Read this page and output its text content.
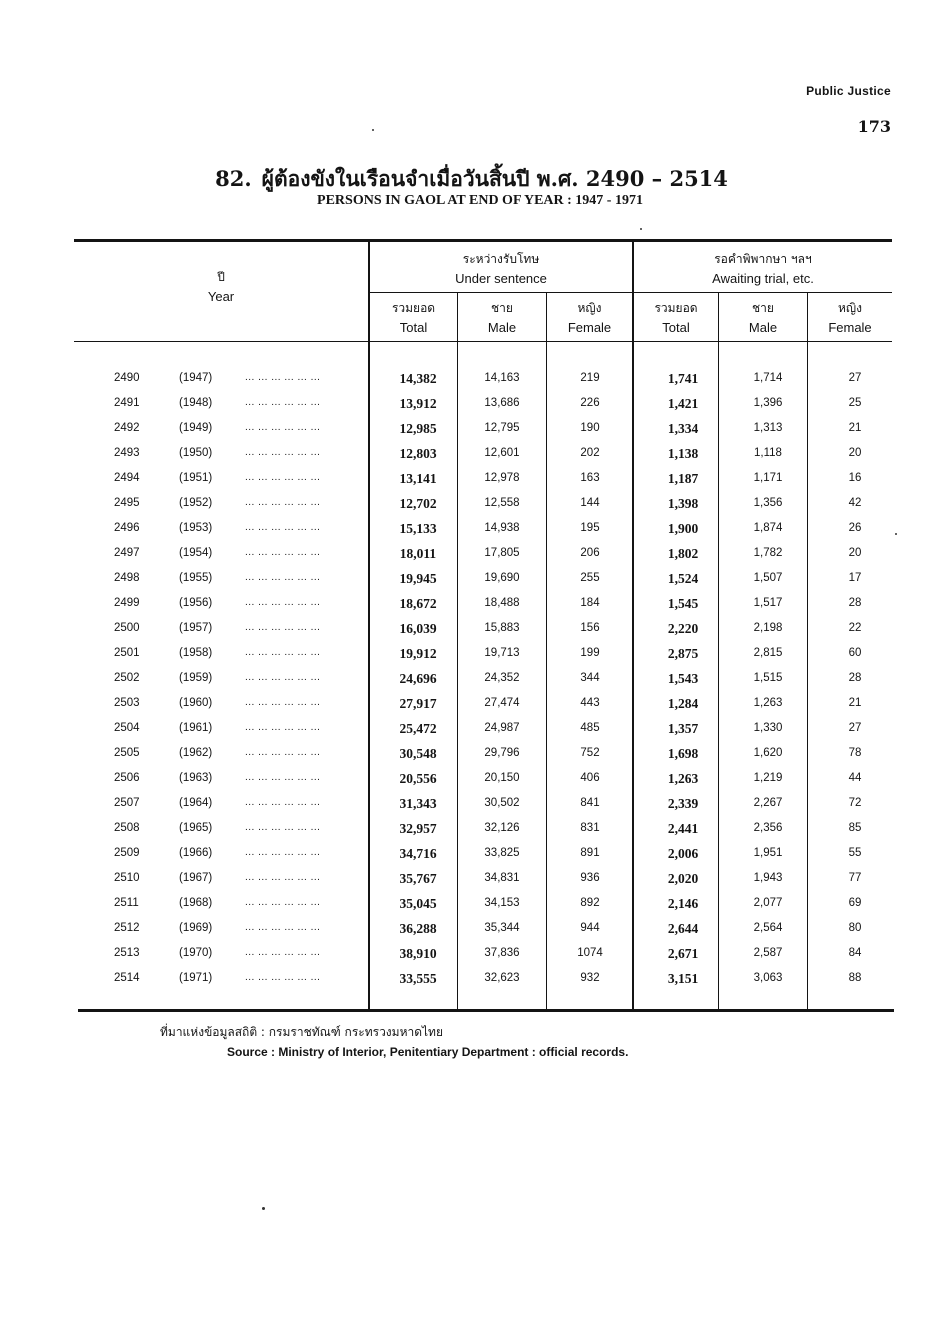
Public Justice
173
82. ผู้ต้องขังในเรือนจำเมื่อวันสิ้นปี พ.ศ. 2490 – 2514
PERSONS IN GAOL AT END OF YEAR : 1947 - 1971
ปี
Year
ระหว่างรับโทษ
Under sentence
รอคำพิพากษา ฯลฯ
Awaiting trial, etc.
รวมยอด
Total
ชาย
Male
หญิง
Female
รวมยอด
Total
ชาย
Male
หญิง
Female
2490	(1947)	... ... ... ... ... ...	14,382	14,163	219	1,741	1,714	27
2491	(1948)	... ... ... ... ... ...	13,912	13,686	226	1,421	1,396	25
2492	(1949)	... ... ... ... ... ...	12,985	12,795	190	1,334	1,313	21
2493	(1950)	... ... ... ... ... ...	12,803	12,601	202	1,138	1,118	20
2494	(1951)	... ... ... ... ... ...	13,141	12,978	163	1,187	1,171	16
2495	(1952)	... ... ... ... ... ...	12,702	12,558	144	1,398	1,356	42
2496	(1953)	... ... ... ... ... ...	15,133	14,938	195	1,900	1,874	26
2497	(1954)	... ... ... ... ... ...	18,011	17,805	206	1,802	1,782	20
2498	(1955)	... ... ... ... ... ...	19,945	19,690	255	1,524	1,507	17
2499	(1956)	... ... ... ... ... ...	18,672	18,488	184	1,545	1,517	28
2500	(1957)	... ... ... ... ... ...	16,039	15,883	156	2,220	2,198	22
2501	(1958)	... ... ... ... ... ...	19,912	19,713	199	2,875	2,815	60
2502	(1959)	... ... ... ... ... ...	24,696	24,352	344	1,543	1,515	28
2503	(1960)	... ... ... ... ... ...	27,917	27,474	443	1,284	1,263	21
2504	(1961)	... ... ... ... ... ...	25,472	24,987	485	1,357	1,330	27
2505	(1962)	... ... ... ... ... ...	30,548	29,796	752	1,698	1,620	78
2506	(1963)	... ... ... ... ... ...	20,556	20,150	406	1,263	1,219	44
2507	(1964)	... ... ... ... ... ...	31,343	30,502	841	2,339	2,267	72
2508	(1965)	... ... ... ... ... ...	32,957	32,126	831	2,441	2,356	85
2509	(1966)	... ... ... ... ... ...	34,716	33,825	891	2,006	1,951	55
2510	(1967)	... ... ... ... ... ...	35,767	34,831	936	2,020	1,943	77
2511	(1968)	... ... ... ... ... ...	35,045	34,153	892	2,146	2,077	69
2512	(1969)	... ... ... ... ... ...	36,288	35,344	944	2,644	2,564	80
2513	(1970)	... ... ... ... ... ...	38,910	37,836	1074	2,671	2,587	84
2514	(1971)	... ... ... ... ... ...	33,555	32,623	932	3,151	3,063	88
ที่มาแห่งข้อมูลสถิติ : กรมราชทัณฑ์ กระทรวงมหาดไทย
Source : Ministry of Interior, Penitentiary Department : official records.
